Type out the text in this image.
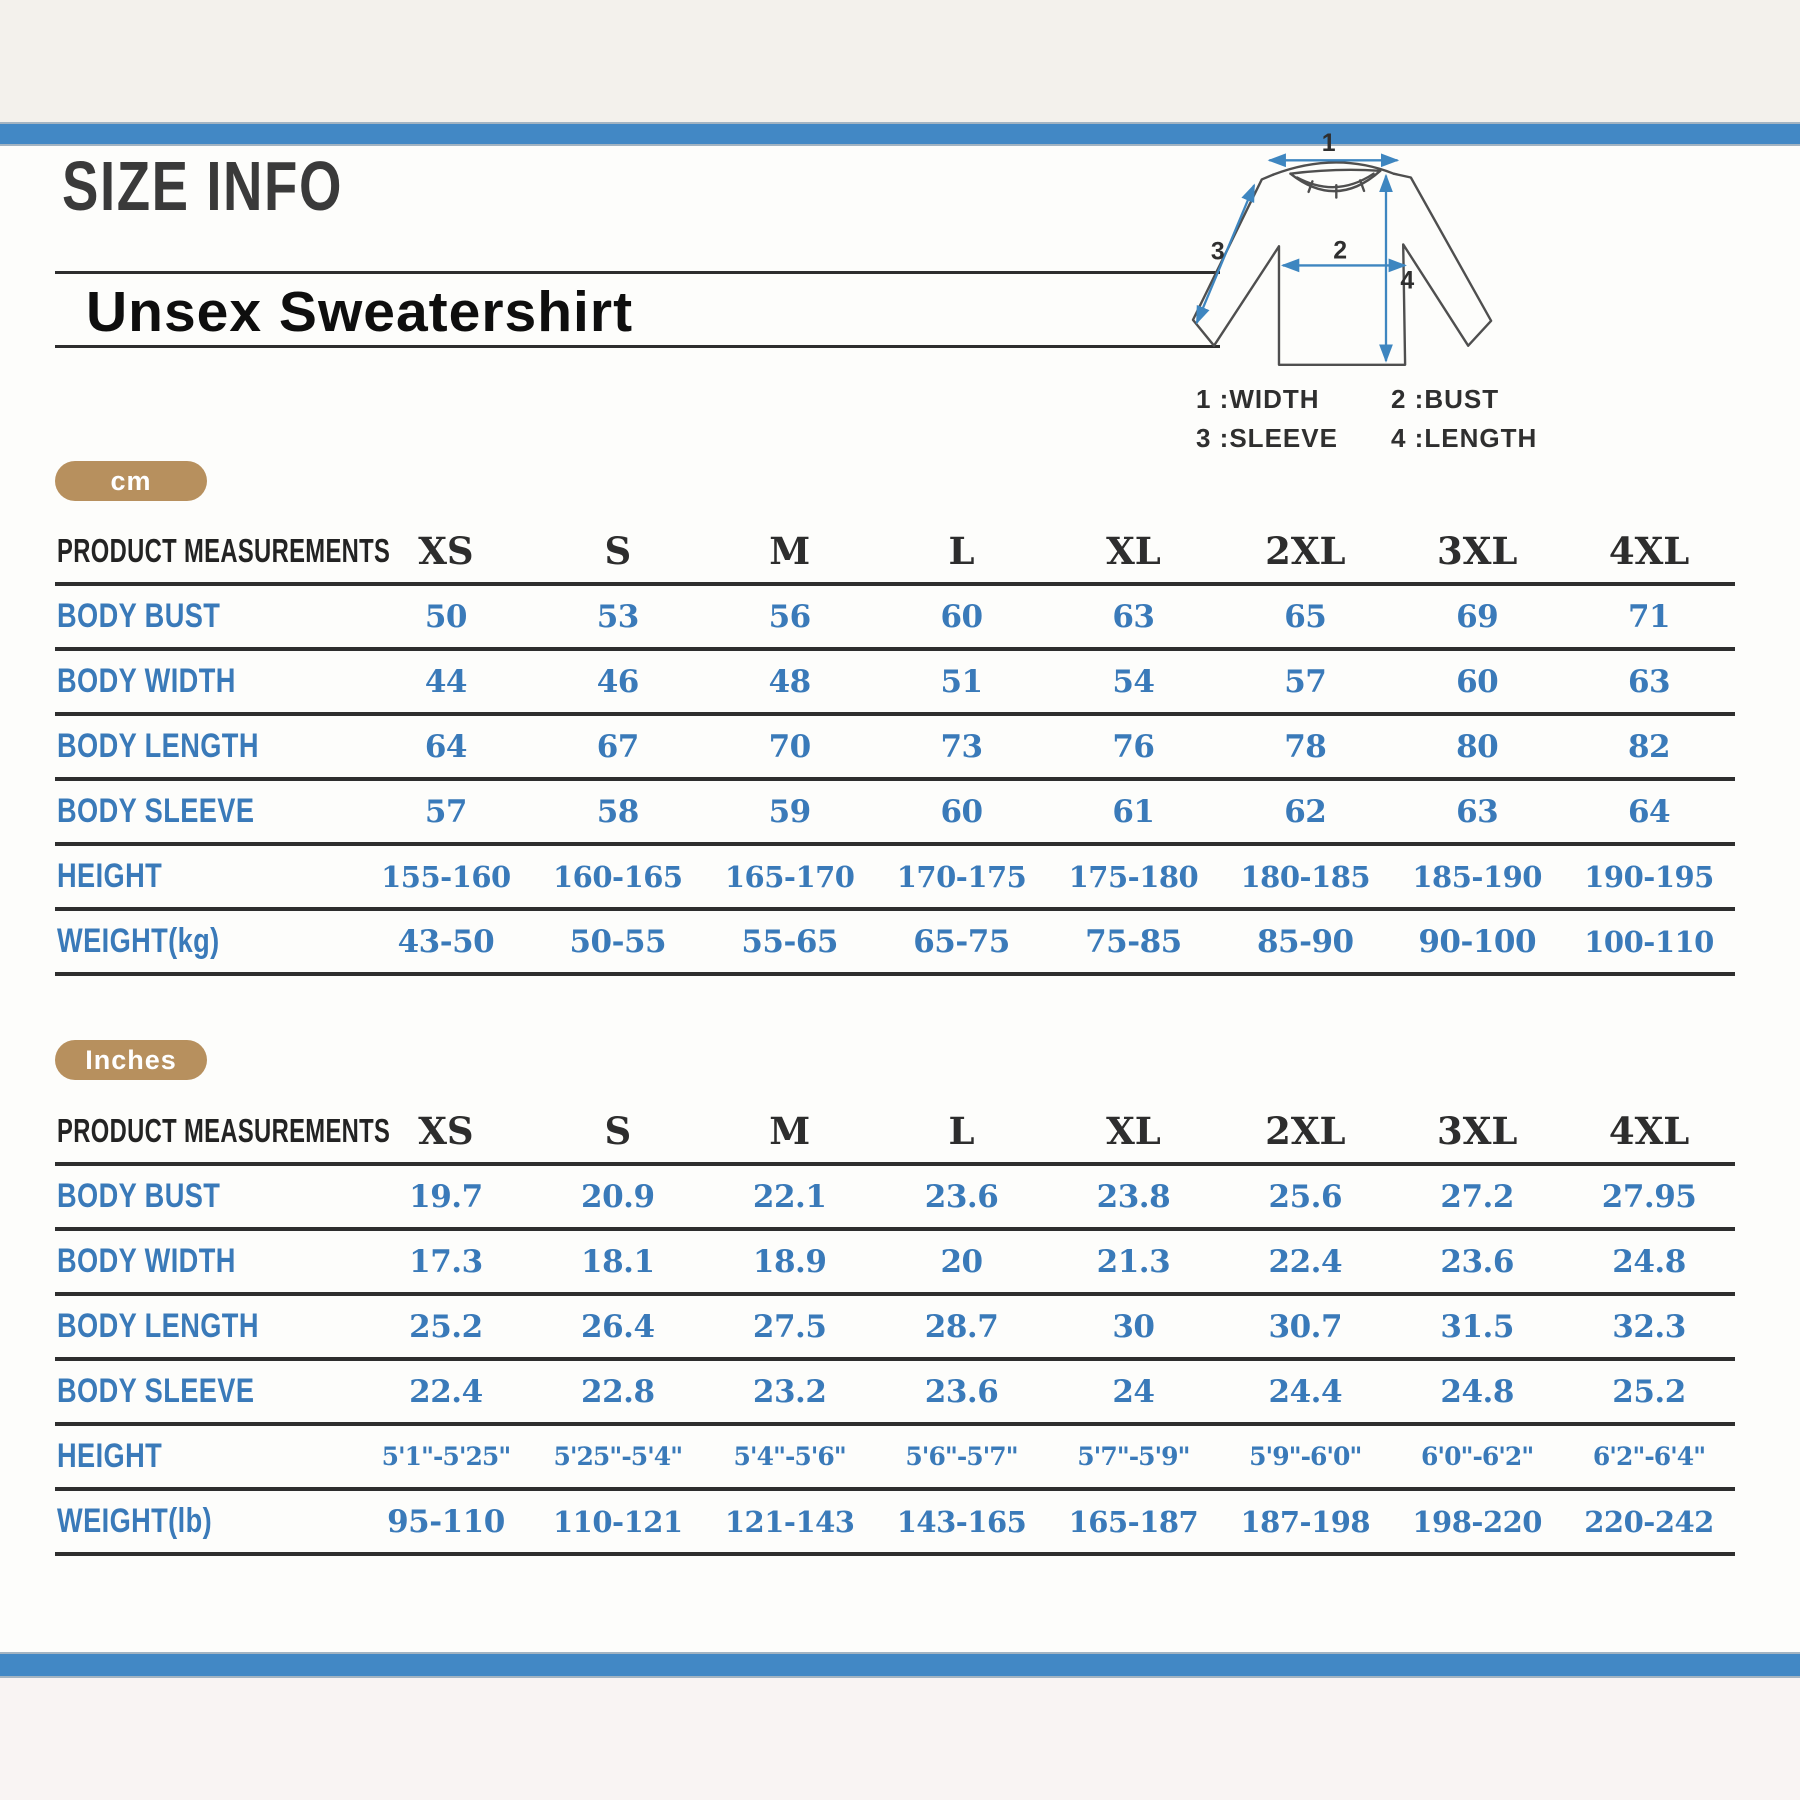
SIZE INFO
Unsex Sweatershirt
1
2
3
4
1 :WIDTH	2 :BUST
3 :SLEEVE	4 :LENGTH
cm
PRODUCT MEASUREMENTS XS	S	M	L	XL	2XL 3XL 4XL
BODY BUST	50	53	56	60	63	65	69	71
BODY WIDTH	44	46	48	51	54	57	60	63
BODY LENGTH	64	67	70	73	76	78	80	82
BODY SLEEVE	57	58	59	60	61	62	63	64
HEIGHT	155-160 160-165 165-170 170-175 175-180 180-185 185-190 190-195
WEIGHT(kg)	43-50 50-55 55-65 65-75 75-85 85-90 90-100 100-110
Inches
PRODUCT MEASUREMENTS XS	S	M	L	XL	2XL 3XL 4XL
BODY BUST	19.7	20.9	22.1	23.6	23.8	25.6	27.2	27.95
BODY WIDTH	17.3	18.1	18.9	20	21.3	22.4	23.6	24.8
BODY LENGTH	25.2	26.4	27.5	28.7	30	30.7	31.5	32.3
BODY SLEEVE	22.4	22.8	23.2	23.6	24	24.4	24.8	25.2
HEIGHT	5'1"-5'25" 5'25"-5'4" 5'4"-5'6" 5'6"-5'7" 5'7"-5'9" 5'9"-6'0" 6'0"-6'2" 6'2"-6'4"
WEIGHT(lb)	95-110 110-121 121-143 143-165 165-187 187-198 198-220 220-242
